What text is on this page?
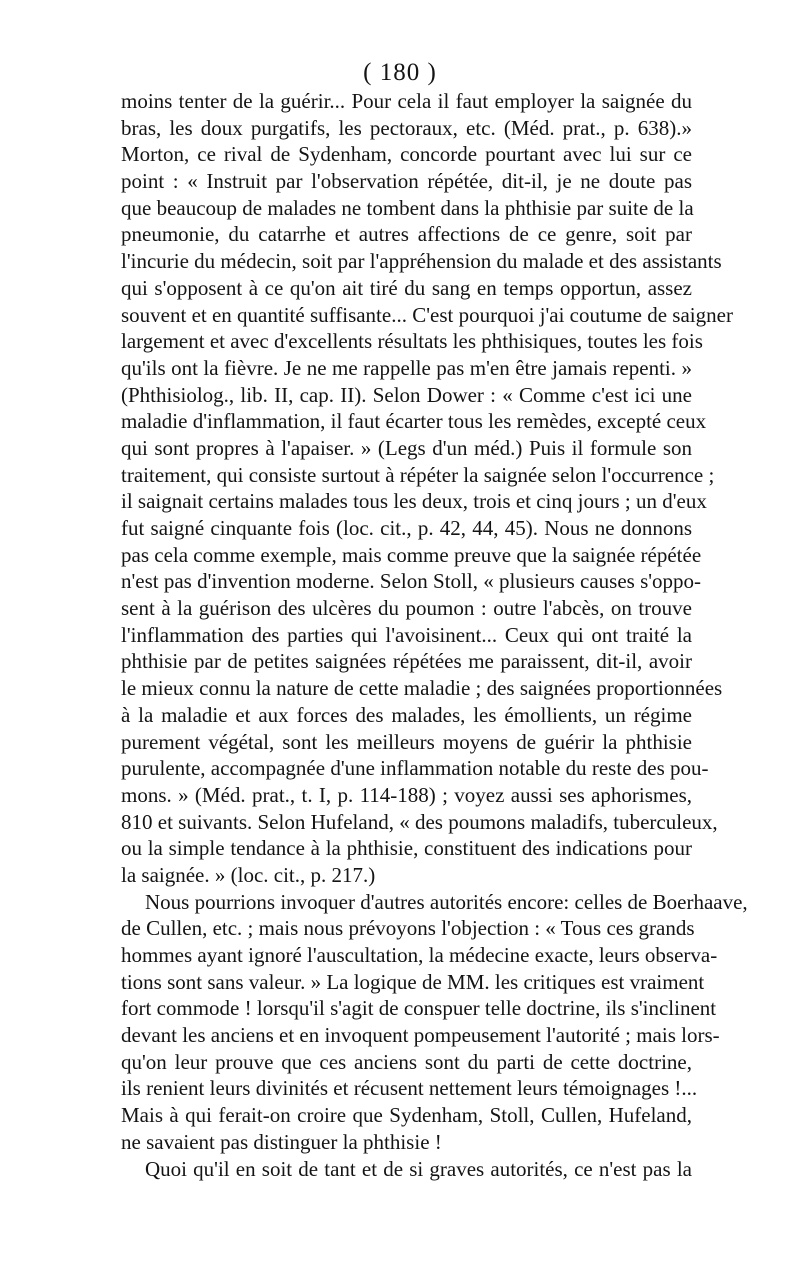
( 180 )
moins tenter de la guérir... Pour cela il faut employer la saignée du
bras, les doux purgatifs, les pectoraux, etc. (Méd. prat., p. 638).»
Morton, ce rival de Sydenham, concorde pourtant avec lui sur ce
point : « Instruit par l'observation répétée, dit-il, je ne doute pas
que beaucoup de malades ne tombent dans la phthisie par suite de la
pneumonie, du catarrhe et autres affections de ce genre, soit par
l'incurie du médecin, soit par l'appréhension du malade et des assistants
qui s'opposent à ce qu'on ait tiré du sang en temps opportun, assez
souvent et en quantité suffisante... C'est pourquoi j'ai coutume de saigner
largement et avec d'excellents résultats les phthisiques, toutes les fois
qu'ils ont la fièvre. Je ne me rappelle pas m'en être jamais repenti. »
(Phthisiolog., lib. II, cap. II). Selon Dower : « Comme c'est ici une
maladie d'inflammation, il faut écarter tous les remèdes, excepté ceux
qui sont propres à l'apaiser. » (Legs d'un méd.) Puis il formule son
traitement, qui consiste surtout à répéter la saignée selon l'occurrence ;
il saignait certains malades tous les deux, trois et cinq jours ; un d'eux
fut saigné cinquante fois (loc. cit., p. 42, 44, 45). Nous ne donnons
pas cela comme exemple, mais comme preuve que la saignée répétée
n'est pas d'invention moderne. Selon Stoll, « plusieurs causes s'oppo-
sent à la guérison des ulcères du poumon : outre l'abcès, on trouve
l'inflammation des parties qui l'avoisinent... Ceux qui ont traité la
phthisie par de petites saignées répétées me paraissent, dit-il, avoir
le mieux connu la nature de cette maladie ; des saignées proportionnées
à la maladie et aux forces des malades, les émollients, un régime
purement végétal, sont les meilleurs moyens de guérir la phthisie
purulente, accompagnée d'une inflammation notable du reste des pou-
mons. » (Méd. prat., t. I, p. 114-188) ; voyez aussi ses aphorismes,
810 et suivants. Selon Hufeland, « des poumons maladifs, tuberculeux,
ou la simple tendance à la phthisie, constituent des indications pour
la saignée. » (loc. cit., p. 217.)
Nous pourrions invoquer d'autres autorités encore: celles de Boerhaave,
de Cullen, etc. ; mais nous prévoyons l'objection : « Tous ces grands
hommes ayant ignoré l'auscultation, la médecine exacte, leurs observa-
tions sont sans valeur. » La logique de MM. les critiques est vraiment
fort commode ! lorsqu'il s'agit de conspuer telle doctrine, ils s'inclinent
devant les anciens et en invoquent pompeusement l'autorité ; mais lors-
qu'on leur prouve que ces anciens sont du parti de cette doctrine,
ils renient leurs divinités et récusent nettement leurs témoignages !...
Mais à qui ferait-on croire que Sydenham, Stoll, Cullen, Hufeland,
ne savaient pas distinguer la phthisie !
Quoi qu'il en soit de tant et de si graves autorités, ce n'est pas la
